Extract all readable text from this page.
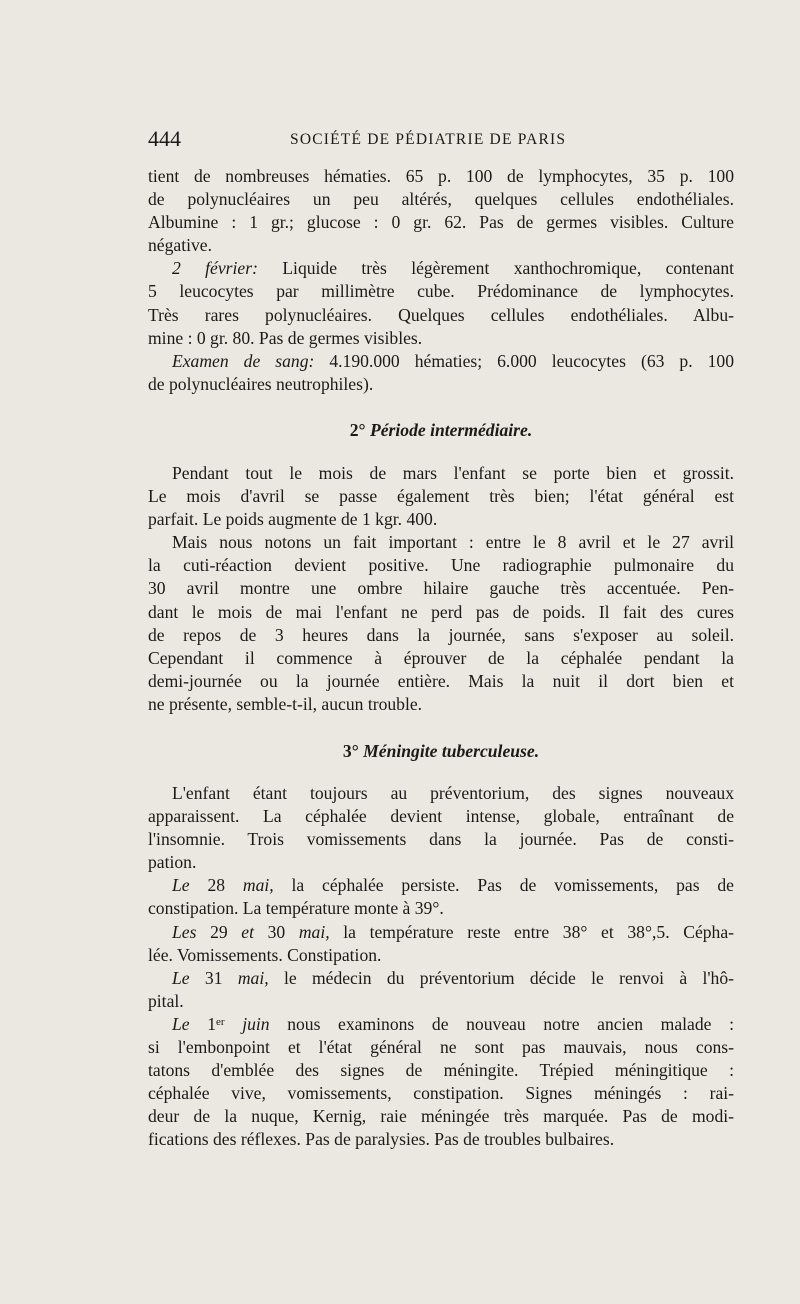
444	SOCIÉTÉ DE PÉDIATRIE DE PARIS

tient de nombreuses hématies. 65 p. 100 de lymphocytes, 35 p. 100
de polynucléaires un peu altérés, quelques cellules endothéliales.
Albumine : 1 gr.; glucose : 0 gr. 62. Pas de germes visibles. Culture
négative.

2 février: Liquide très légèrement xanthochromique, contenant
5 leucocytes par millimètre cube. Prédominance de lymphocytes.
Très rares polynucléaires. Quelques cellules endothéliales. Albu-
mine : 0 gr. 80. Pas de germes visibles.

Examen de sang: 4.190.000 hématies; 6.000 leucocytes (63 p. 100
de polynucléaires neutrophiles).

2° Période intermédiaire.

Pendant tout le mois de mars l'enfant se porte bien et grossit.
Le mois d'avril se passe également très bien; l'état général est
parfait. Le poids augmente de 1 kgr. 400.

Mais nous notons un fait important : entre le 8 avril et le 27 avril
la cuti-réaction devient positive. Une radiographie pulmonaire du
30 avril montre une ombre hilaire gauche très accentuée. Pen-
dant le mois de mai l'enfant ne perd pas de poids. Il fait des cures
de repos de 3 heures dans la journée, sans s'exposer au soleil.
Cependant il commence à éprouver de la céphalée pendant la
demi-journée ou la journée entière. Mais la nuit il dort bien et
ne présente, semble-t-il, aucun trouble.

3° Méningite tuberculeuse.

L'enfant étant toujours au préventorium, des signes nouveaux
apparaissent. La céphalée devient intense, globale, entraînant de
l'insomnie. Trois vomissements dans la journée. Pas de consti-
pation.

Le 28 mai, la céphalée persiste. Pas de vomissements, pas de
constipation. La température monte à 39°.

Les 29 et 30 mai, la température reste entre 38° et 38°,5. Cépha-
lée. Vomissements. Constipation.

Le 31 mai, le médecin du préventorium décide le renvoi à l'hô-
pital.

Le 1er juin nous examinons de nouveau notre ancien malade :
si l'embonpoint et l'état général ne sont pas mauvais, nous cons-
tatons d'emblée des signes de méningite. Trépied méningitique :
céphalée vive, vomissements, constipation. Signes méningés : rai-
deur de la nuque, Kernig, raie méningée très marquée. Pas de modi-
fications des réflexes. Pas de paralysies. Pas de troubles bulbaires.
